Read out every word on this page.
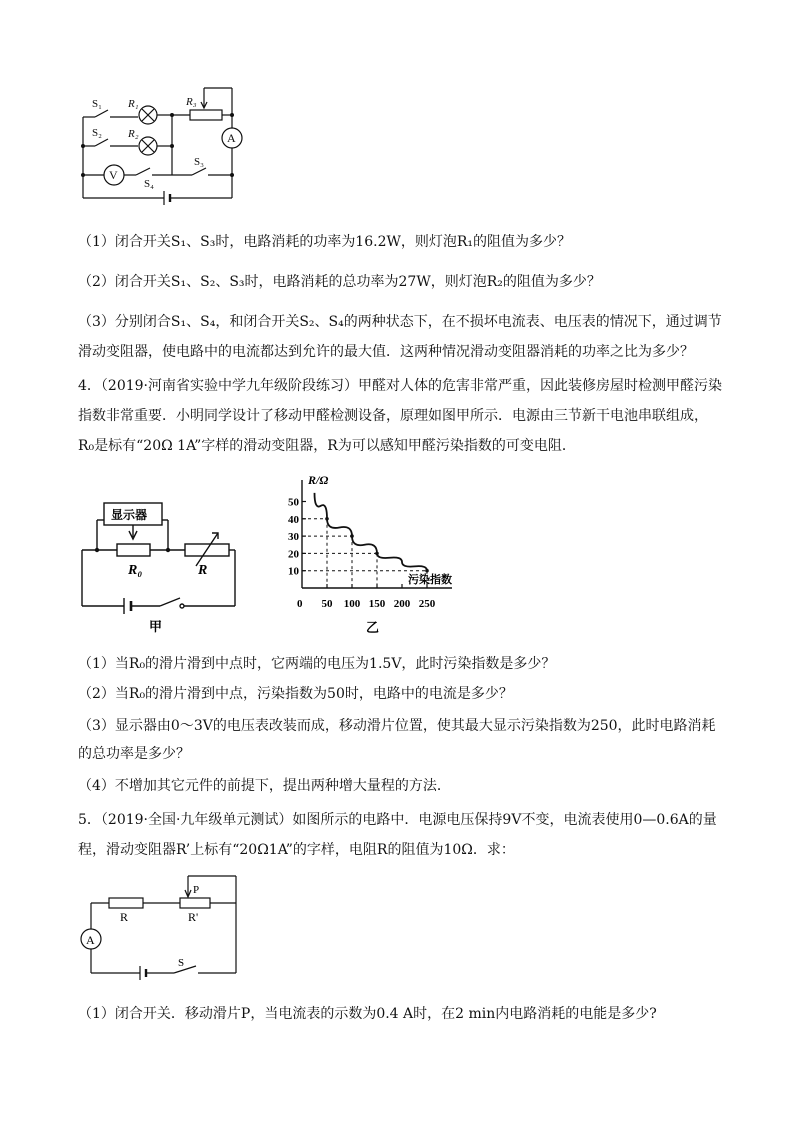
S₁ R₁	R₃
S₂ R₂	A
V
S₃
S₄
（1）闭合开关S₁、S₃时，电路消耗的功率为16.2W，则灯泡R₁的阻值为多少？
（2）闭合开关S₁、S₂、S₃时，电路消耗的总功率为27W，则灯泡R₂的阻值为多少？
（3）分别闭合S₁、S₄，和闭合开关S₂、S₄的两种状态下，在不损坏电流表、电压表的情况下，通过调节
滑动变阻器，使电路中的电流都达到允许的最大值．这两种情况滑动变阻器消耗的功率之比为多少？
4．（2019·河南省实验中学九年级阶段练习）甲醛对人体的危害非常严重，因此装修房屋时检测甲醛污染
指数非常重要．小明同学设计了移动甲醛检测设备，原理如图甲所示．电源由三节新干电池串联组成，
R₀是标有“20Ω 1A”字样的滑动变阻器，R为可以感知甲醛污染指数的可变电阻．
显示器
R₀	R
甲
R/Ω
0
污染指数
乙
10
20
30
40
50
50 100 150 200 250
（1）当R₀的滑片滑到中点时，它两端的电压为1.5V，此时污染指数是多少？
（2）当R₀的滑片滑到中点，污染指数为50时，电路中的电流是多少？
（3）显示器由0～3V的电压表改装而成，移动滑片位置，使其最大显示污染指数为250，此时电路消耗
的总功率是多少？
（4）不增加其它元件的前提下，提出两种增大量程的方法．
5．（2019·全国·九年级单元测试）如图所示的电路中．电源电压保持9V不变，电流表使用0—0.6A的量
程，滑动变阻器R’上标有“20Ω1A”的字样，电阻R的阻值为10Ω．求：
A
R	R'
P
S
（1）闭合开关．移动滑片P，当电流表的示数为0.4 A时，在2 min内电路消耗的电能是多少?
